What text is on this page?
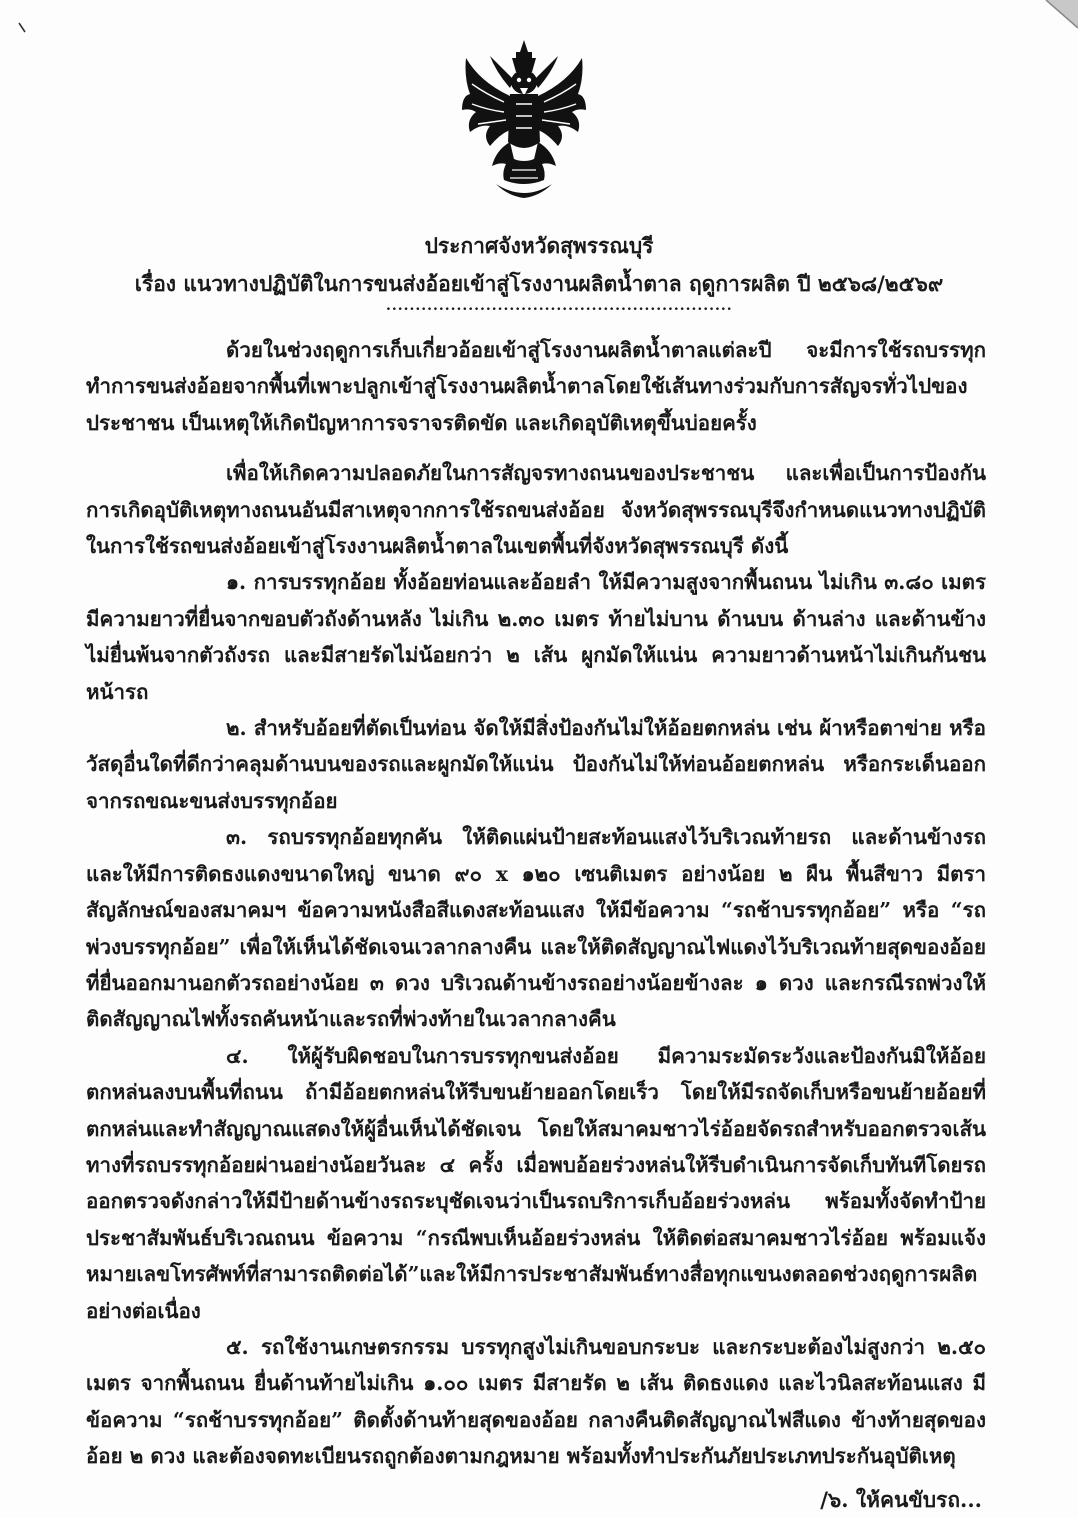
ประกาศจังหวัดสุพรรณบุรี
เรื่อง แนวทางปฏิบัติในการขนส่งอ้อยเข้าสู่โรงงานผลิตน้ำตาล ฤดูการผลิต ปี ๒๕๖๘/๒๕๖๙
...........................................................

ด้วยในช่วงฤดูการเก็บเกี่ยวอ้อยเข้าสู่โรงงานผลิตน้ำตาลแต่ละปี จะมีการใช้รถบรรทุกทำการขนส่งอ้อยจากพื้นที่เพาะปลูกเข้าสู่โรงงานผลิตน้ำตาลโดยใช้เส้นทางร่วมกับการสัญจรทั่วไปของประชาชน เป็นเหตุให้เกิดปัญหาการจราจรติดขัด และเกิดอุบัติเหตุขึ้นบ่อยครั้ง

เพื่อให้เกิดความปลอดภัยในการสัญจรทางถนนของประชาชน และเพื่อเป็นการป้องกันการเกิดอุบัติเหตุทางถนนอันมีสาเหตุจากการใช้รถขนส่งอ้อย จังหวัดสุพรรณบุรีจึงกำหนดแนวทางปฏิบัติในการใช้รถขนส่งอ้อยเข้าสู่โรงงานผลิตน้ำตาลในเขตพื้นที่จังหวัดสุพรรณบุรี ดังนี้

๑. การบรรทุกอ้อย ทั้งอ้อยท่อนและอ้อยลำ ให้มีความสูงจากพื้นถนน ไม่เกิน ๓.๘๐ เมตร มีความยาวที่ยื่นจากขอบตัวถังด้านหลัง ไม่เกิน ๒.๓๐ เมตร ท้ายไม่บาน ด้านบน ด้านล่าง และด้านข้างไม่ยื่นพ้นจากตัวถังรถ และมีสายรัดไม่น้อยกว่า ๒ เส้น ผูกมัดให้แน่น ความยาวด้านหน้าไม่เกินกันชนหน้ารถ

๒. สำหรับอ้อยที่ตัดเป็นท่อน จัดให้มีสิ่งป้องกันไม่ให้อ้อยตกหล่น เช่น ผ้าหรือตาข่าย หรือวัสดุอื่นใดที่ดีกว่าคลุมด้านบนของรถและผูกมัดให้แน่น ป้องกันไม่ให้ท่อนอ้อยตกหล่น หรือกระเด็นออกจากรถขณะขนส่งบรรทุกอ้อย

๓. รถบรรทุกอ้อยทุกคัน ให้ติดแผ่นป้ายสะท้อนแสงไว้บริเวณท้ายรถ และด้านข้างรถ และให้มีการติดธงแดงขนาดใหญ่ ขนาด ๙๐ x ๑๒๐ เซนติเมตร อย่างน้อย ๒ ผืน พื้นสีขาว มีตราสัญลักษณ์ของสมาคมฯ ข้อความหนังสือสีแดงสะท้อนแสง ให้มีข้อความ “รถช้าบรรทุกอ้อย” หรือ “รถพ่วงบรรทุกอ้อย” เพื่อให้เห็นได้ชัดเจนเวลากลางคืน และให้ติดสัญญาณไฟแดงไว้บริเวณท้ายสุดของอ้อยที่ยื่นออกมานอกตัวรถอย่างน้อย ๓ ดวง บริเวณด้านข้างรถอย่างน้อยข้างละ ๑ ดวง และกรณีรถพ่วงให้ติดสัญญาณไฟทั้งรถคันหน้าและรถที่พ่วงท้ายในเวลากลางคืน

๔. ให้ผู้รับผิดชอบในการบรรทุกขนส่งอ้อย มีความระมัดระวังและป้องกันมิให้อ้อยตกหล่นลงบนพื้นที่ถนน ถ้ามีอ้อยตกหล่นให้รีบขนย้ายออกโดยเร็ว โดยให้มีรถจัดเก็บหรือขนย้ายอ้อยที่ตกหล่นและทำสัญญาณแสดงให้ผู้อื่นเห็นได้ชัดเจน โดยให้สมาคมชาวไร่อ้อยจัดรถสำหรับออกตรวจเส้นทางที่รถบรรทุกอ้อยผ่านอย่างน้อยวันละ ๔ ครั้ง เมื่อพบอ้อยร่วงหล่นให้รีบดำเนินการจัดเก็บทันทีโดยรถออกตรวจดังกล่าวให้มีป้ายด้านข้างรถระบุชัดเจนว่าเป็นรถบริการเก็บอ้อยร่วงหล่น พร้อมทั้งจัดทำป้ายประชาสัมพันธ์บริเวณถนน ข้อความ “กรณีพบเห็นอ้อยร่วงหล่น ให้ติดต่อสมาคมชาวไร่อ้อย พร้อมแจ้งหมายเลขโทรศัพท์ที่สามารถติดต่อได้”และให้มีการประชาสัมพันธ์ทางสื่อทุกแขนงตลอดช่วงฤดูการผลิตอย่างต่อเนื่อง

๕. รถใช้งานเกษตรกรรม บรรทุกสูงไม่เกินขอบกระบะ และกระบะต้องไม่สูงกว่า ๒.๕๐ เมตร จากพื้นถนน ยื่นด้านท้ายไม่เกิน ๑.๐๐ เมตร มีสายรัด ๒ เส้น ติดธงแดง และไวนิลสะท้อนแสง มีข้อความ “รถช้าบรรทุกอ้อย” ติดตั้งด้านท้ายสุดของอ้อย กลางคืนติดสัญญาณไฟสีแดง ข้างท้ายสุดของอ้อย ๒ ดวง และต้องจดทะเบียนรถถูกต้องตามกฎหมาย พร้อมทั้งทำประกันภัยประเภทประกันอุบัติเหตุ

/๖. ให้คนขับรถ...
